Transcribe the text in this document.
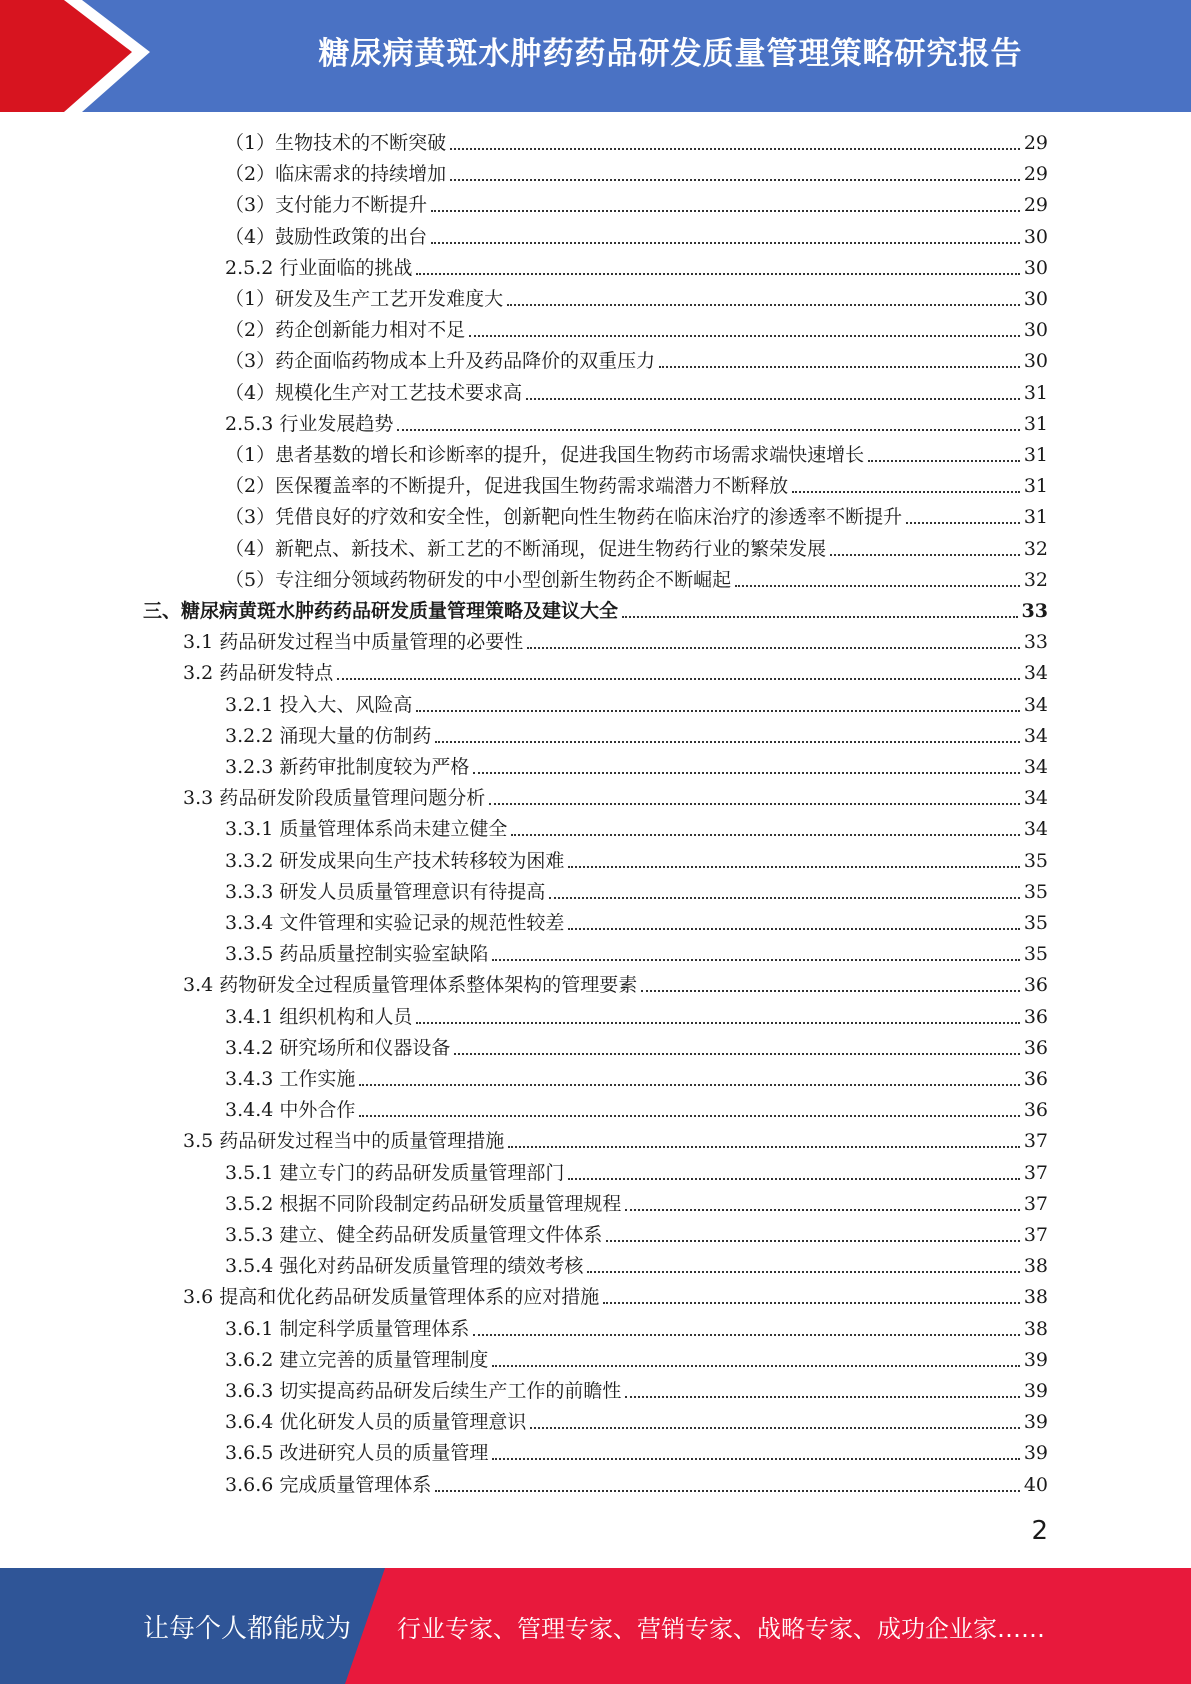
糖尿病黄斑水肿药药品研发质量管理策略研究报告
（1）生物技术的不断突破	29
（2）临床需求的持续增加	29
（3）支付能力不断提升	29
（4）鼓励性政策的出台	30
2.5.2 行业面临的挑战	30
（1）研发及生产工艺开发难度大	30
（2）药企创新能力相对不足	30
（3）药企面临药物成本上升及药品降价的双重压力	30
（4）规模化生产对工艺技术要求高	31
2.5.3 行业发展趋势	31
（1）患者基数的增长和诊断率的提升，促进我国生物药市场需求端快速增长	31
（2）医保覆盖率的不断提升，促进我国生物药需求端潜力不断释放	31
（3）凭借良好的疗效和安全性，创新靶向性生物药在临床治疗的渗透率不断提升	31
（4）新靶点、新技术、新工艺的不断涌现，促进生物药行业的繁荣发展	32
（5）专注细分领域药物研发的中小型创新生物药企不断崛起	32
三、糖尿病黄斑水肿药药品研发质量管理策略及建议大全	33
3.1 药品研发过程当中质量管理的必要性	33
3.2 药品研发特点	34
3.2.1 投入大、风险高	34
3.2.2 涌现大量的仿制药	34
3.2.3 新药审批制度较为严格	34
3.3 药品研发阶段质量管理问题分析	34
3.3.1 质量管理体系尚未建立健全	34
3.3.2 研发成果向生产技术转移较为困难	35
3.3.3 研发人员质量管理意识有待提高	35
3.3.4 文件管理和实验记录的规范性较差	35
3.3.5 药品质量控制实验室缺陷	35
3.4 药物研发全过程质量管理体系整体架构的管理要素	36
3.4.1 组织机构和人员	36
3.4.2 研究场所和仪器设备	36
3.4.3 工作实施	36
3.4.4 中外合作	36
3.5 药品研发过程当中的质量管理措施	37
3.5.1 建立专门的药品研发质量管理部门	37
3.5.2 根据不同阶段制定药品研发质量管理规程	37
3.5.3 建立、健全药品研发质量管理文件体系	37
3.5.4 强化对药品研发质量管理的绩效考核	38
3.6 提高和优化药品研发质量管理体系的应对措施	38
3.6.1 制定科学质量管理体系	38
3.6.2 建立完善的质量管理制度	39
3.6.3 切实提高药品研发后续生产工作的前瞻性	39
3.6.4 优化研发人员的质量管理意识	39
3.6.5 改进研究人员的质量管理	39
3.6.6 完成质量管理体系	40
2
让每个人都能成为 行业专家、管理专家、营销专家、战略专家、成功企业家……
